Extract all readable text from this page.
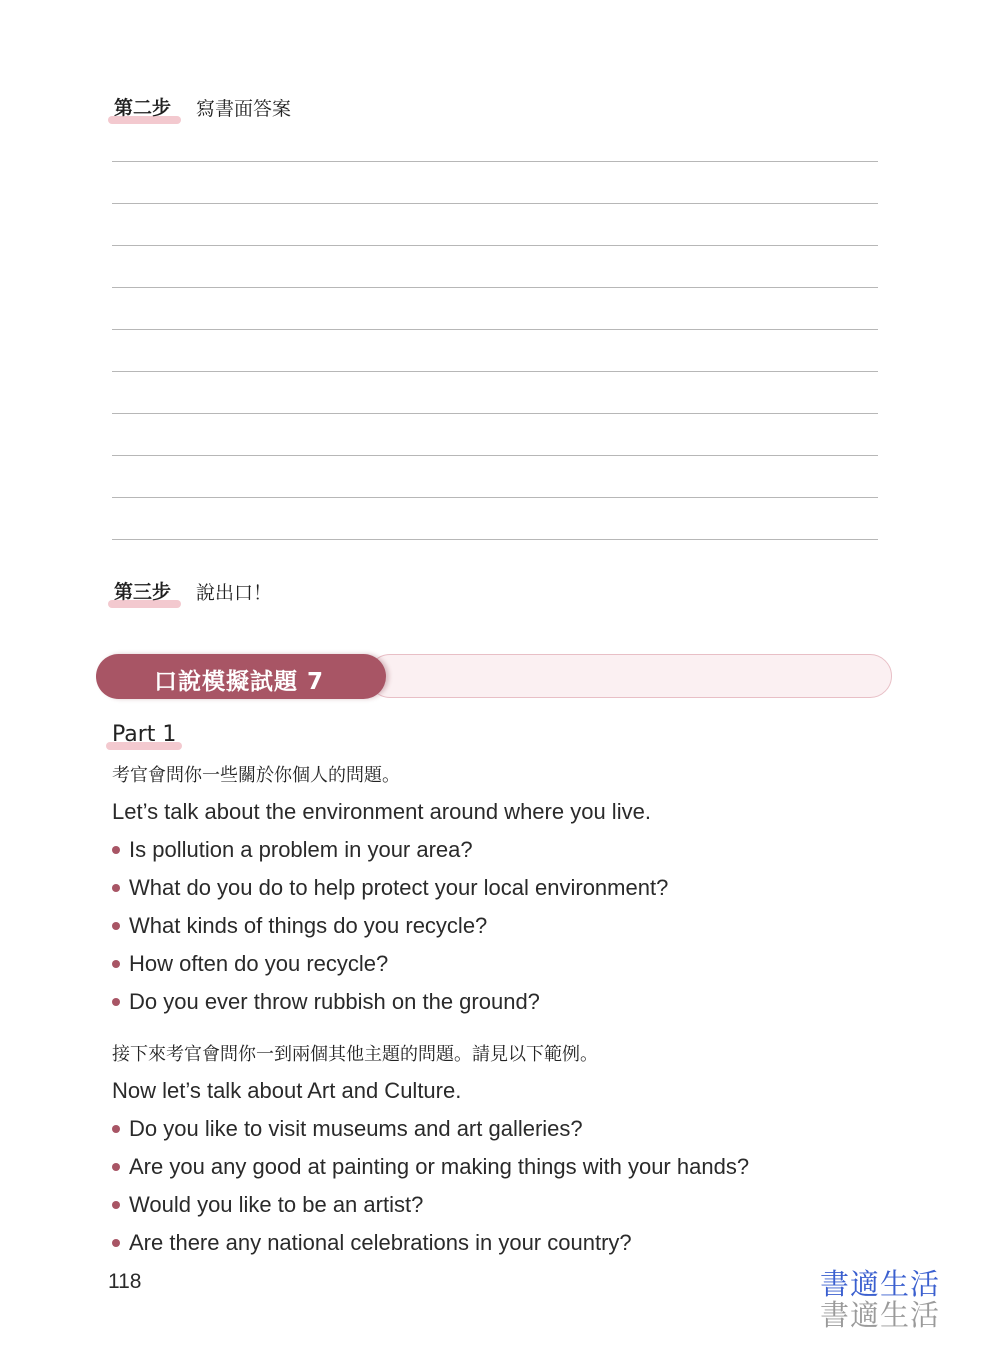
第二步 寫書面答案
第三步 說出口！
口說模擬試題 7
Part 1
考官會問你一些關於你個人的問題。
Let’s talk about the environment around where you live.
Is pollution a problem in your area?
What do you do to help protect your local environment?
What kinds of things do you recycle?
How often do you recycle?
Do you ever throw rubbish on the ground?
接下來考官會問你一到兩個其他主題的問題。請見以下範例。
Now let’s talk about Art and Culture.
Do you like to visit museums and art galleries?
Are you any good at painting or making things with your hands?
Would you like to be an artist?
Are there any national celebrations in your country?
118	書適生活
書適生活
